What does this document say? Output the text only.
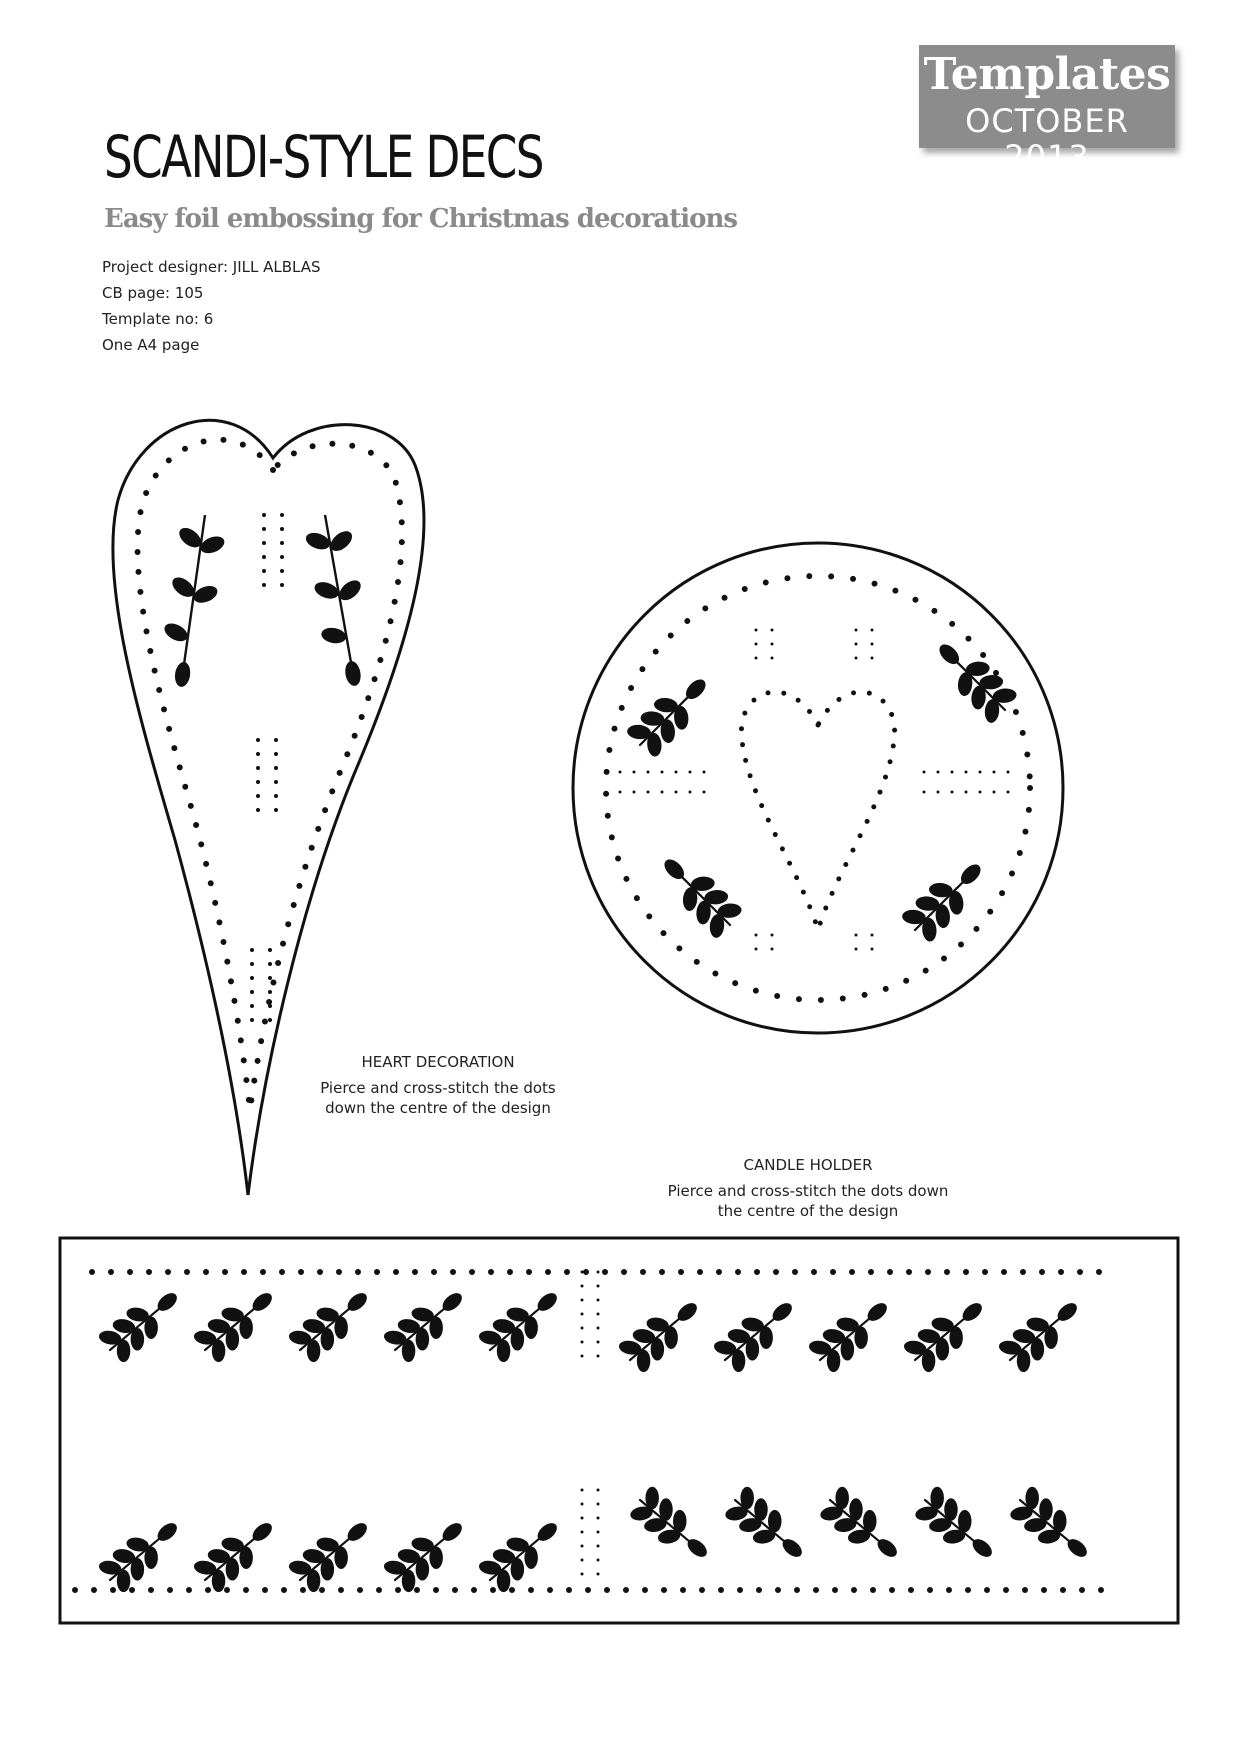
Templates
OCTOBER 2013
SCANDI-STYLE DECS
Easy foil embossing for Christmas decorations
Project designer: JILL ALBLAS
CB page: 105
Template no: 6
One A4 page
HEART DECORATION
Pierce and cross-stitch the dots down the centre of the design
CANDLE HOLDER
Pierce and cross-stitch the dots down the centre of the design
